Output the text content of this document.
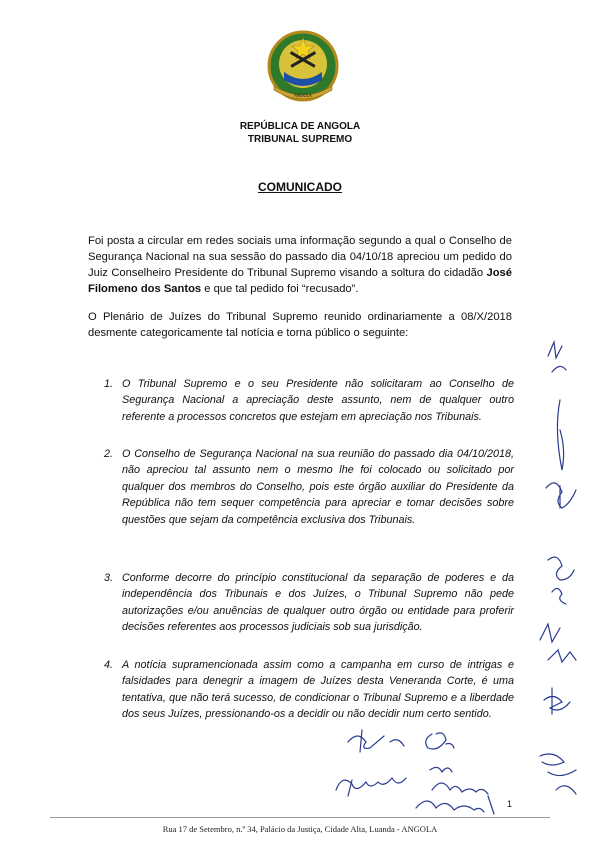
ANGOLA
REPÚBLICA DE ANGOLA
TRIBUNAL SUPREMO
COMUNICADO
Foi posta a circular em redes sociais uma informação segundo a qual o Conselho de Segurança Nacional na sua sessão do passado dia 04/10/18 apreciou um pedido do Juiz Conselheiro Presidente do Tribunal Supremo visando a soltura do cidadão José Filomeno dos Santos e que tal pedido foi “recusado”.
O Plenário de Juízes do Tribunal Supremo reunido ordinariamente a 08/X/2018 desmente categoricamente tal notícia e torna público o seguinte:
1. O Tribunal Supremo e o seu Presidente não solicitaram ao Conselho de Segurança Nacional a apreciação deste assunto, nem de qualquer outro referente a processos concretos que estejam em apreciação nos Tribunais.
2. O Conselho de Segurança Nacional na sua reunião do passado dia 04/10/2018, não apreciou tal assunto nem o mesmo lhe foi colocado ou solicitado por qualquer dos membros do Conselho, pois este órgão auxiliar do Presidente da República não tem sequer competência para apreciar e tomar decisões sobre questões que sejam da competência exclusiva dos Tribunais.
3. Conforme decorre do princípio constitucional da separação de poderes e da independência dos Tribunais e dos Juízes, o Tribunal Supremo não pede autorizações e/ou anuências de qualquer outro órgão ou entidade para proferir decisões referentes aos processos judiciais sob sua jurisdição.
4. A notícia supramencionada assim como a campanha em curso de intrigas e falsidades para denegrir a imagem de Juízes desta Veneranda Corte, é uma tentativa, que não terá sucesso, de condicionar o Tribunal Supremo e a liberdade dos seus Juízes, pressionando-os a decidir ou não decidir num certo sentido.
1
Rua 17 de Setembro, n.º 34, Palácio da Justiça, Cidade Alta, Luanda - ANGOLA
